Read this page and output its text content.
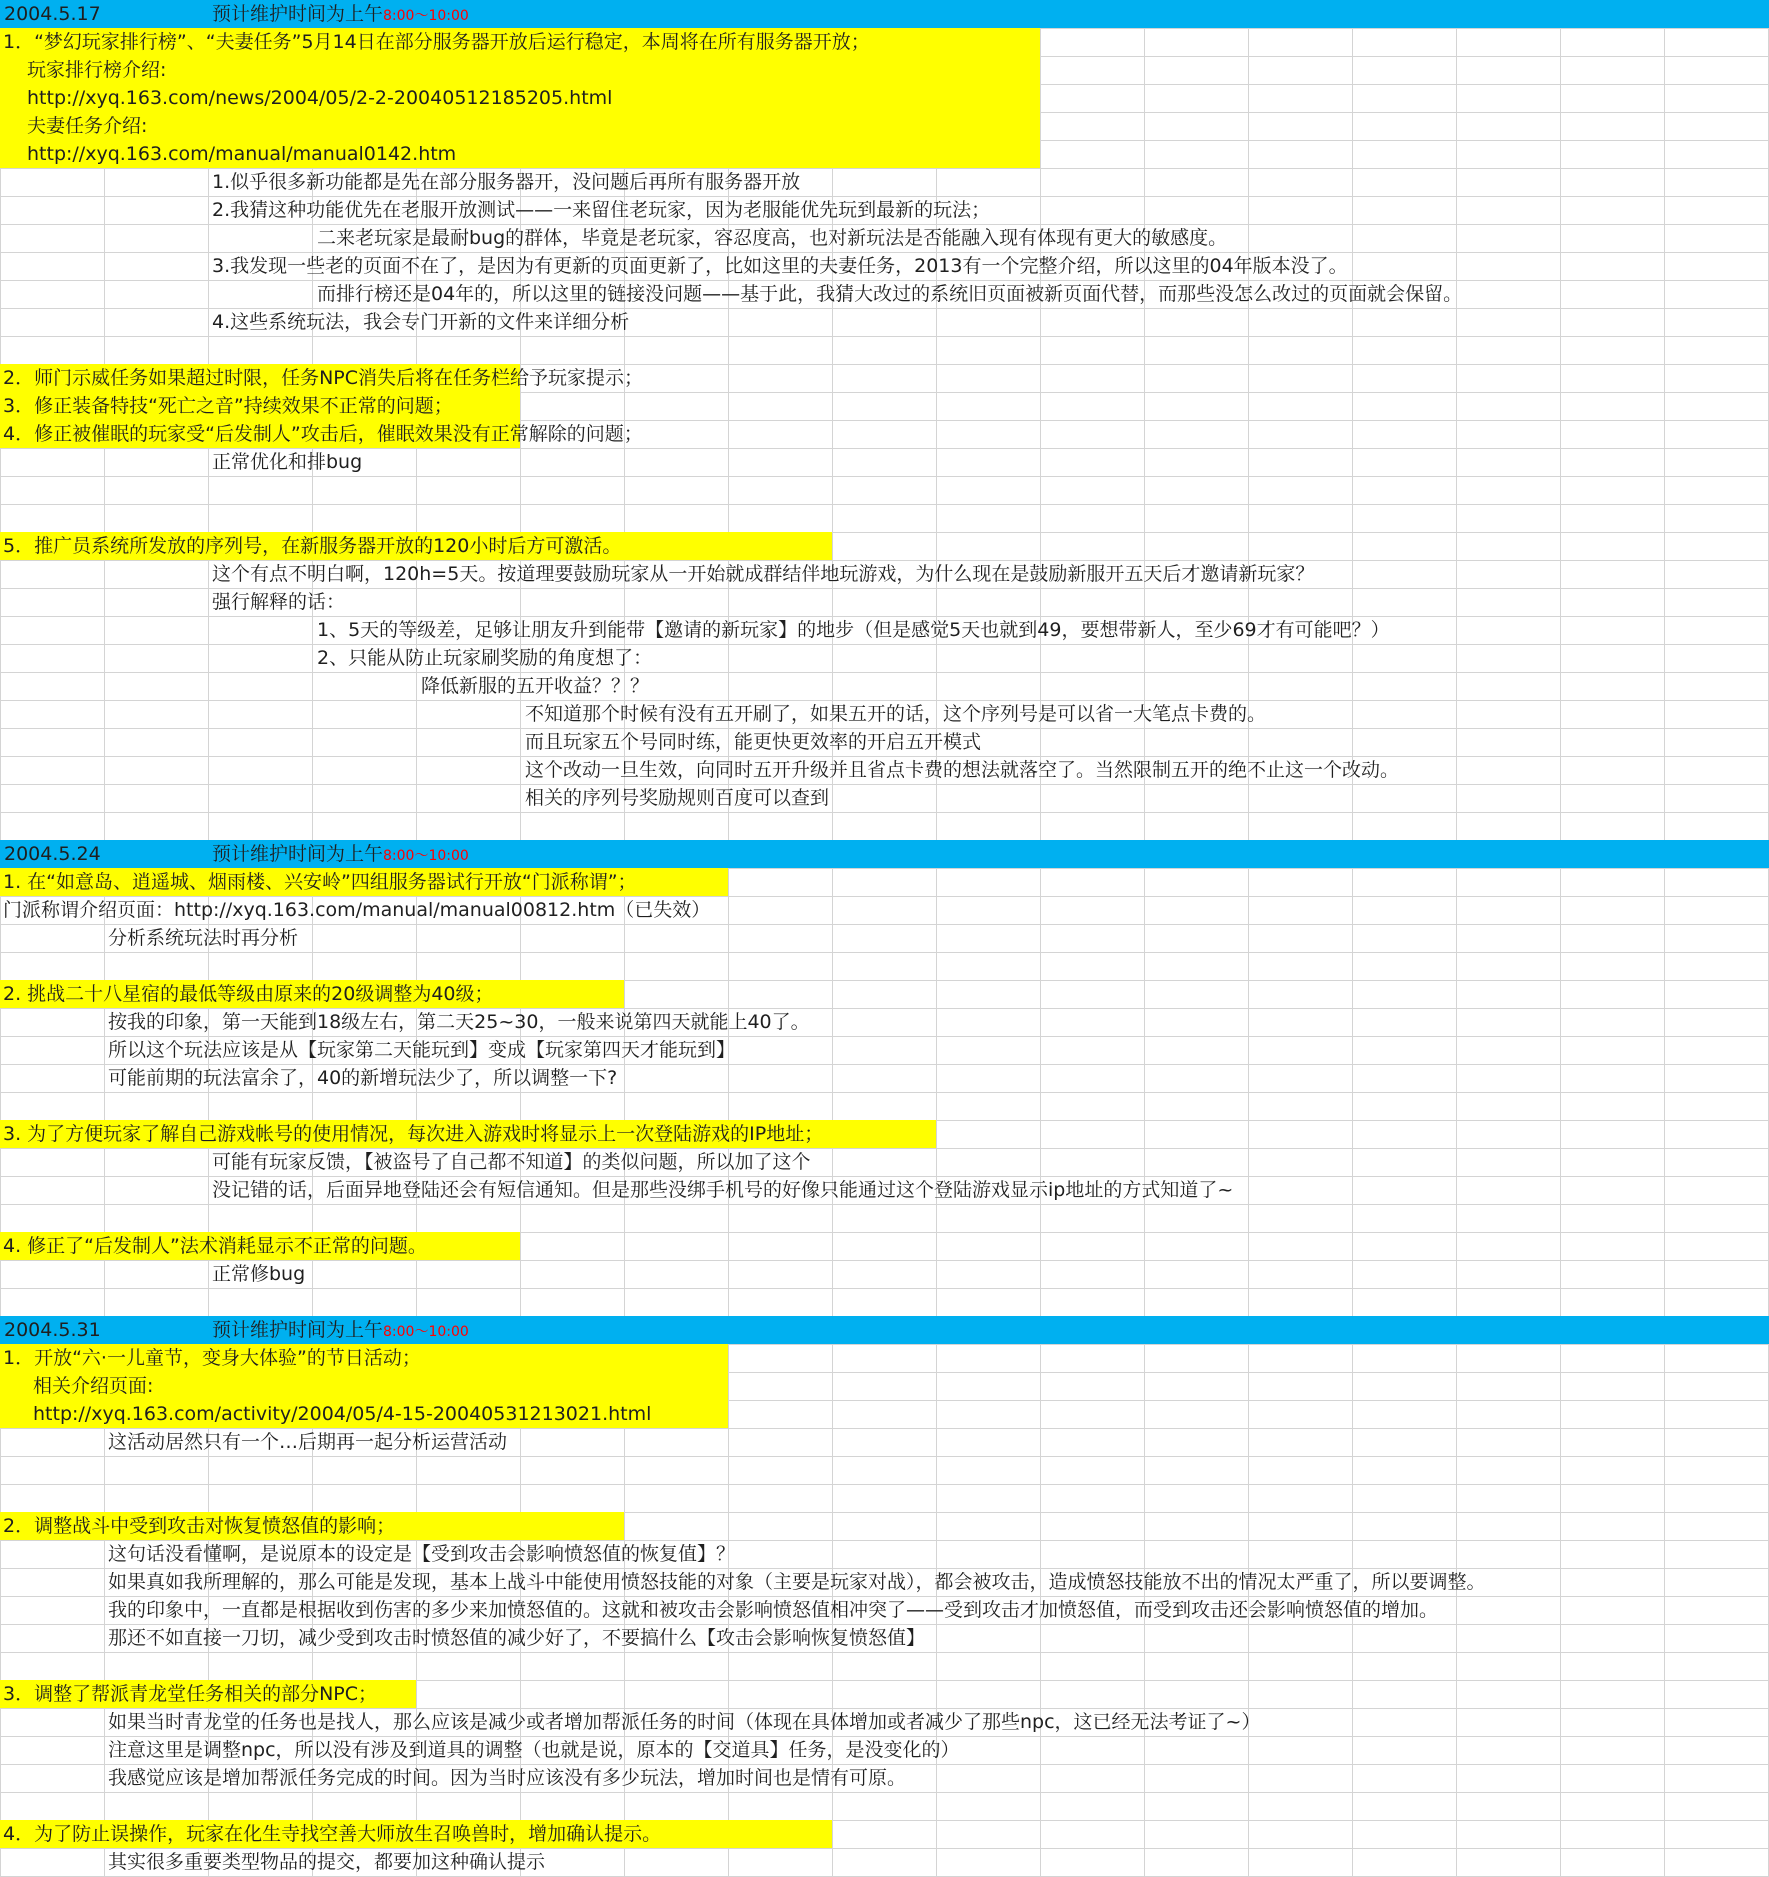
2004.5.17	预计维护时间为上午8:00～10:00
1．“梦幻玩家排行榜”、“夫妻任务”5月14日在部分服务器开放后运行稳定，本周将在所有服务器开放；
玩家排行榜介绍:
http://xyq.163.com/news/2004/05/2-2-20040512185205.html
夫妻任务介绍:
http://xyq.163.com/manual/manual0142.htm
1.似乎很多新功能都是先在部分服务器开，没问题后再所有服务器开放
2.我猜这种功能优先在老服开放测试——一来留住老玩家，因为老服能优先玩到最新的玩法；
二来老玩家是最耐bug的群体，毕竟是老玩家，容忍度高，也对新玩法是否能融入现有体现有更大的敏感度。
3.我发现一些老的页面不在了，是因为有更新的页面更新了，比如这里的夫妻任务，2013有一个完整介绍，所以这里的04年版本没了。
而排行榜还是04年的，所以这里的链接没问题——基于此，我猜大改过的系统旧页面被新页面代替，而那些没怎么改过的页面就会保留。
4.这些系统玩法，我会专门开新的文件来详细分析
2．师门示威任务如果超过时限，任务NPC消失后将在任务栏给予玩家提示；
3．修正装备特技“死亡之音”持续效果不正常的问题；
4．修正被催眠的玩家受“后发制人”攻击后，催眠效果没有正常解除的问题；
正常优化和排bug
5．推广员系统所发放的序列号，在新服务器开放的120小时后方可激活。
这个有点不明白啊，120h=5天。按道理要鼓励玩家从一开始就成群结伴地玩游戏，为什么现在是鼓励新服开五天后才邀请新玩家？
强行解释的话：
1、5天的等级差，足够让朋友升到能带【邀请的新玩家】的地步（但是感觉5天也就到49，要想带新人，至少69才有可能吧？）
2、只能从防止玩家刷奖励的角度想了：
降低新服的五开收益？？？
不知道那个时候有没有五开刷了，如果五开的话，这个序列号是可以省一大笔点卡费的。
而且玩家五个号同时练，能更快更效率的开启五开模式
这个改动一旦生效，向同时五开升级并且省点卡费的想法就落空了。当然限制五开的绝不止这一个改动。
相关的序列号奖励规则百度可以查到
2004.5.24	预计维护时间为上午8:00～10:00
1. 在“如意岛、逍遥城、烟雨楼、兴安岭”四组服务器试行开放“门派称谓”；
门派称谓介绍页面：http://xyq.163.com/manual/manual00812.htm（已失效）
分析系统玩法时再分析
2. 挑战二十八星宿的最低等级由原来的20级调整为40级；
按我的印象，第一天能到18级左右，第二天25~30，一般来说第四天就能上40了。
所以这个玩法应该是从【玩家第二天能玩到】变成【玩家第四天才能玩到】
可能前期的玩法富余了，40的新增玩法少了，所以调整一下?
3. 为了方便玩家了解自己游戏帐号的使用情况，每次进入游戏时将显示上一次登陆游戏的IP地址；
可能有玩家反馈，【被盗号了自己都不知道】的类似问题，所以加了这个
没记错的话，后面异地登陆还会有短信通知。但是那些没绑手机号的好像只能通过这个登陆游戏显示ip地址的方式知道了~
4. 修正了“后发制人”法术消耗显示不正常的问题。
正常修bug
2004.5.31	预计维护时间为上午8:00～10:00
1．开放“六·一儿童节，变身大体验”的节日活动；
相关介绍页面:
http://xyq.163.com/activity/2004/05/4-15-20040531213021.html
这活动居然只有一个…后期再一起分析运营活动
2．调整战斗中受到攻击对恢复愤怒值的影响；
这句话没看懂啊，是说原本的设定是【受到攻击会影响愤怒值的恢复值】？
如果真如我所理解的，那么可能是发现，基本上战斗中能使用愤怒技能的对象（主要是玩家对战），都会被攻击，造成愤怒技能放不出的情况太严重了，所以要调整。
我的印象中，一直都是根据收到伤害的多少来加愤怒值的。这就和被攻击会影响愤怒值相冲突了——受到攻击才加愤怒值，而受到攻击还会影响愤怒值的增加。
那还不如直接一刀切，减少受到攻击时愤怒值的减少好了，不要搞什么【攻击会影响恢复愤怒值】
3．调整了帮派青龙堂任务相关的部分NPC；
如果当时青龙堂的任务也是找人，那么应该是减少或者增加帮派任务的时间（体现在具体增加或者减少了那些npc，这已经无法考证了~）
注意这里是调整npc，所以没有涉及到道具的调整（也就是说，原本的【交道具】任务，是没变化的）
我感觉应该是增加帮派任务完成的时间。因为当时应该没有多少玩法，增加时间也是情有可原。
4．为了防止误操作，玩家在化生寺找空善大师放生召唤兽时，增加确认提示。
其实很多重要类型物品的提交，都要加这种确认提示
